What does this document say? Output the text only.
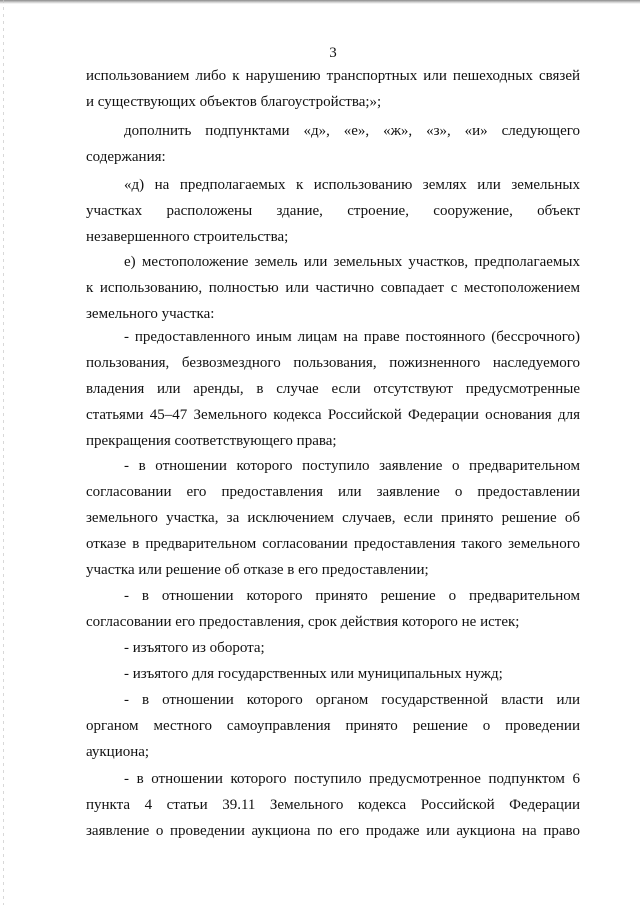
3

использованием либо к нарушению транспортных или пешеходных связей
и существующих объектов благоустройства;»;

дополнить подпунктами «д», «е», «ж», «з», «и» следующего
содержания:

«д) на предполагаемых к использованию землях или земельных
участках расположены здание, строение, сооружение, объект
незавершенного строительства;

е) местоположение земель или земельных участков, предполагаемых
к использованию, полностью или частично совпадает с местоположением
земельного участка:

- предоставленного иным лицам на праве постоянного (бессрочного)
пользования, безвозмездного пользования, пожизненного наследуемого
владения или аренды, в случае если отсутствуют предусмотренные
статьями 45–47 Земельного кодекса Российской Федерации основания для
прекращения соответствующего права;

- в отношении которого поступило заявление о предварительном
согласовании его предоставления или заявление о предоставлении
земельного участка, за исключением случаев, если принято решение об
отказе в предварительном согласовании предоставления такого земельного
участка или решение об отказе в его предоставлении;

- в отношении которого принято решение о предварительном
согласовании его предоставления, срок действия которого не истек;

- изъятого из оборота;

- изъятого для государственных или муниципальных нужд;

- в отношении которого органом государственной власти или
органом местного самоуправления принято решение о проведении
аукциона;

- в отношении которого поступило предусмотренное подпунктом 6
пункта 4 статьи 39.11 Земельного кодекса Российской Федерации
заявление о проведении аукциона по его продаже или аукциона на право
